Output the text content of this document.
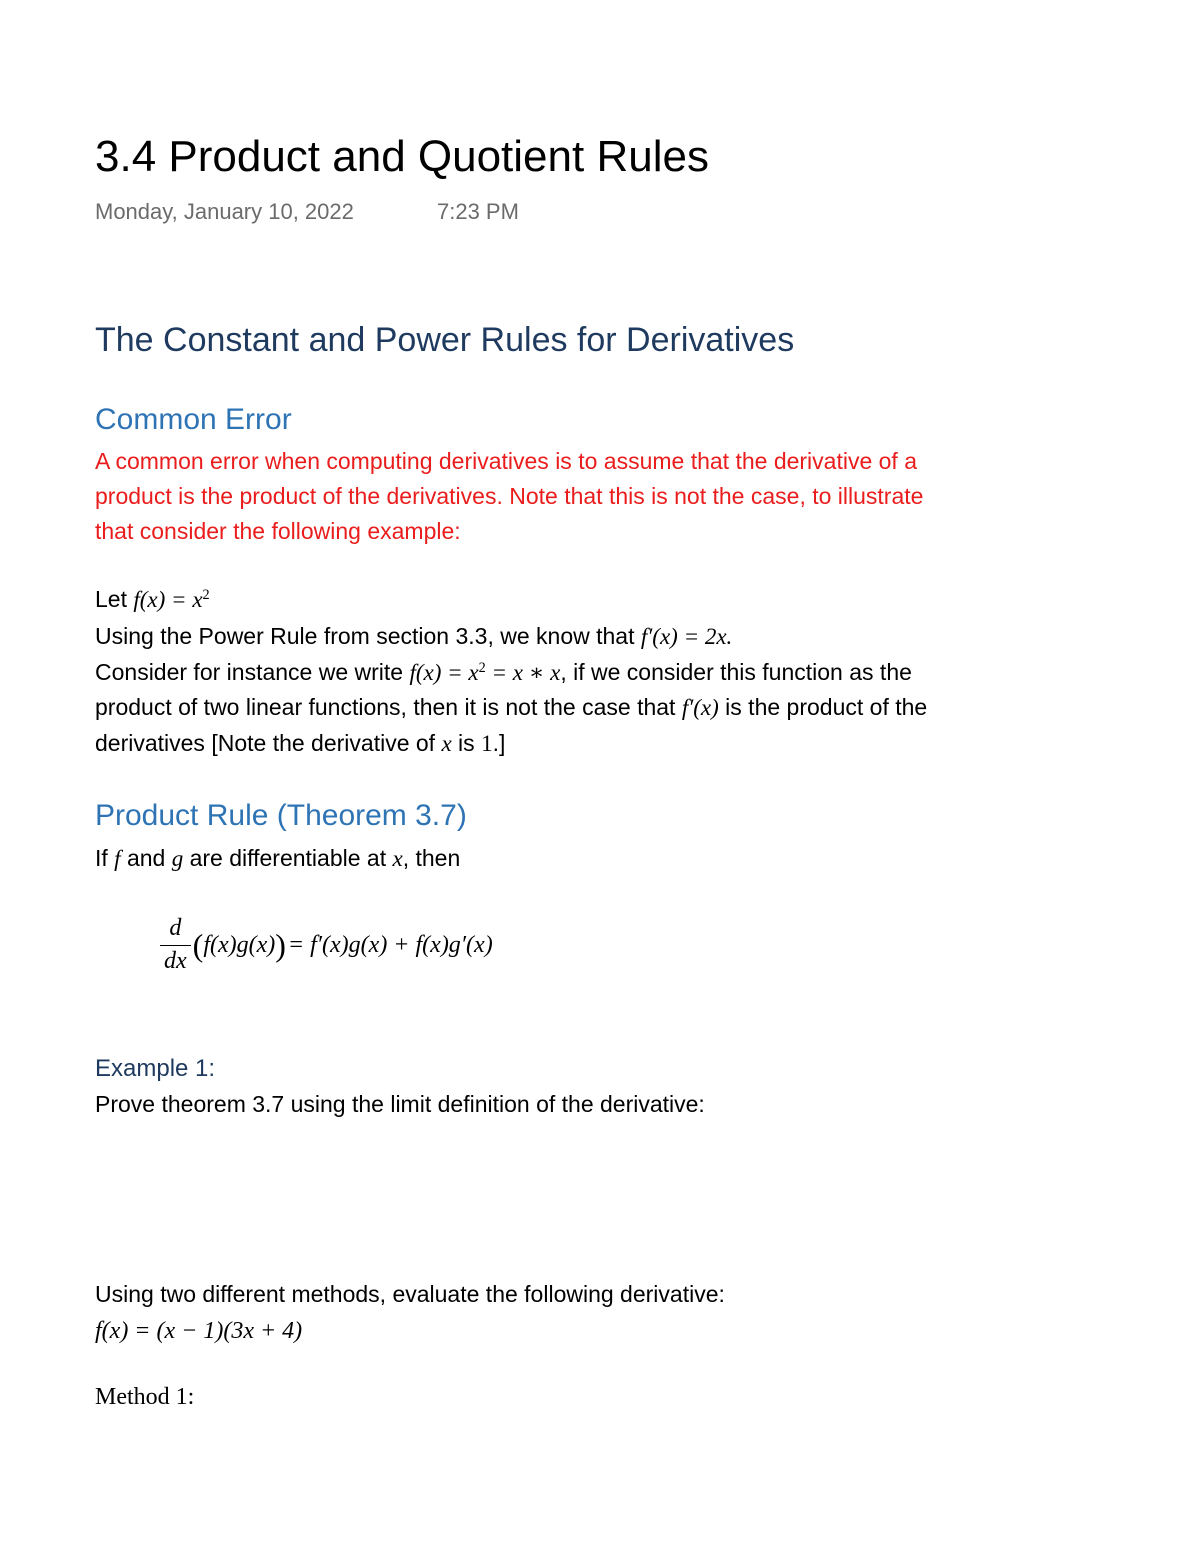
3.4 Product and Quotient Rules
Monday, January 10, 2022	7:23 PM
The Constant and Power Rules for Derivatives
Common Error
A common error when computing derivatives is to assume that the derivative of a
product is the product of the derivatives. Note that this is not the case, to illustrate
that consider the following example:
Let $f(x) = x^2$
Using the Power Rule from section 3.3, we know that f′(x) = 2x.
Consider for instance we write $f(x) = x^2 = x$ ∗ x, if we consider this function as the
product of two linear functions, then it is not the case that f′(x) is the product of the
derivatives [Note the derivative of x is 1.]
Product Rule (Theorem 3.7)
If f and g are differentiable at x, then
$\frac{d}{dx}$ ( f(x)g(x) ) = f′(x)g(x) + f(x)g′(x)
Example 1:
Prove theorem 3.7 using the limit definition of the derivative:
Using two different methods, evaluate the following derivative:
f(x) = (x − 1)(3x + 4)
Method 1:
